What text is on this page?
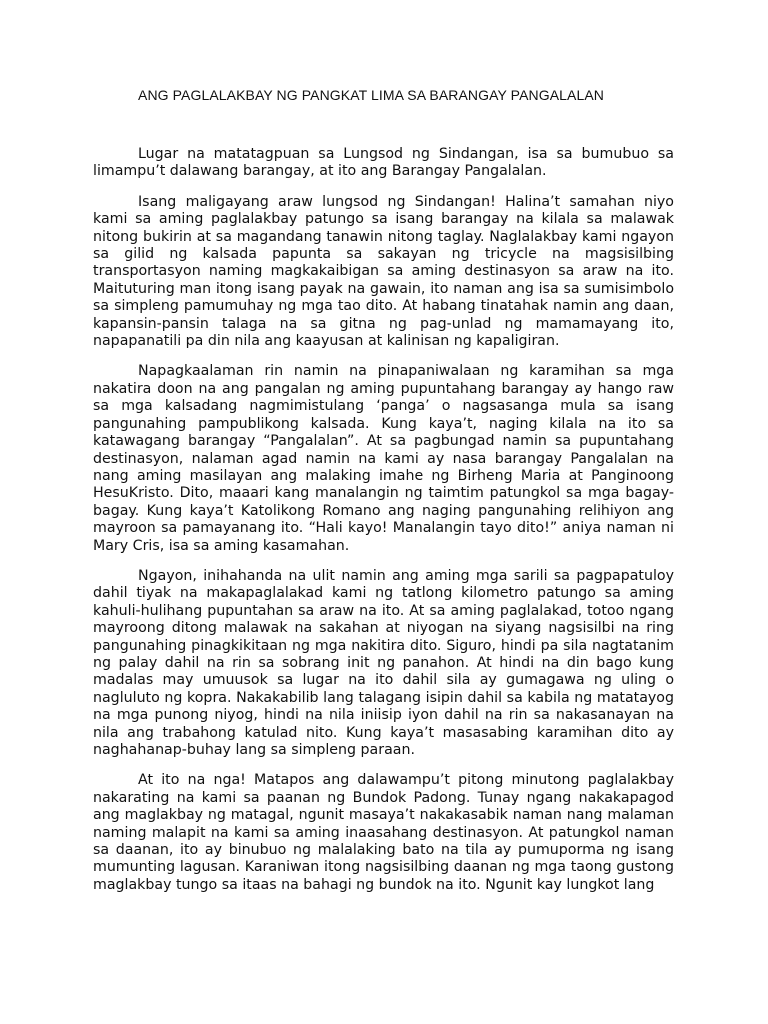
ANG PAGLALAKBAY NG PANGKAT LIMA SA BARANGAY PANGALALAN

Lugar na matatagpuan sa Lungsod ng Sindangan, isa sa bumubuo sa limampu’t dalawang barangay, at ito ang Barangay Pangalalan.

Isang maligayang araw lungsod ng Sindangan! Halina’t samahan niyo kami sa aming paglalakbay patungo sa isang barangay na kilala sa malawak nitong bukirin at sa magandang tanawin nitong taglay. Naglalakbay kami ngayon sa gilid ng kalsada papunta sa sakayan ng tricycle na magsisilbing transportasyon naming magkakaibigan sa aming destinasyon sa araw na ito. Maituturing man itong isang payak na gawain, ito naman ang isa sa sumisimbolo sa simpleng pamumuhay ng mga tao dito. At habang tinatahak namin ang daan, kapansin-pansin talaga na sa gitna ng pag-unlad ng mamamayang ito, napapanatili pa din nila ang kaayusan at kalinisan ng kapaligiran.

Napagkaalaman rin namin na pinapaniwalaan ng karamihan sa mga nakatira doon na ang pangalan ng aming pupuntahang barangay ay hango raw sa mga kalsadang nagmimistulang ‘panga’ o nagsasanga mula sa isang pangunahing pampublikong kalsada. Kung kaya’t, naging kilala na ito sa katawagang barangay “Pangalalan”. At sa pagbungad namin sa pupuntahang destinasyon, nalaman agad namin na kami ay nasa barangay Pangalalan na nang aming masilayan ang malaking imahe ng Birheng Maria at Panginoong HesuKristo. Dito, maaari kang manalangin ng taimtim patungkol sa mga bagay-bagay. Kung kaya’t Katolikong Romano ang naging pangunahing relihiyon ang mayroon sa pamayanang ito. “Hali kayo! Manalangin tayo dito!” aniya naman ni Mary Cris, isa sa aming kasamahan.

Ngayon, inihahanda na ulit namin ang aming mga sarili sa pagpapatuloy dahil tiyak na makapaglalakad kami ng tatlong kilometro patungo sa aming kahuli-hulihang pupuntahan sa araw na ito. At sa aming paglalakad, totoo ngang mayroong ditong malawak na sakahan at niyogan na siyang nagsisilbi na ring pangunahing pinagkikitaan ng mga nakitira dito. Siguro, hindi pa sila nagtatanim ng palay dahil na rin sa sobrang init ng panahon. At hindi na din bago kung madalas may umuusok sa lugar na ito dahil sila ay gumagawa ng uling o nagluluto ng kopra. Nakakabilib lang talagang isipin dahil sa kabila ng matatayog na mga punong niyog, hindi na nila iniisip iyon dahil na rin sa nakasanayan na nila ang trabahong katulad nito. Kung kaya’t masasabing karamihan dito ay naghahanap-buhay lang sa simpleng paraan.

At ito na nga! Matapos ang dalawampu’t pitong minutong paglalakbay nakarating na kami sa paanan ng Bundok Padong. Tunay ngang nakakapagod ang maglakbay ng matagal, ngunit masaya’t nakakasabik naman nang malaman naming malapit na kami sa aming inaasahang destinasyon. At patungkol naman sa daanan, ito ay binubuo ng malalaking bato na tila ay pumuporma ng isang mumunting lagusan. Karaniwan itong nagsisilbing daanan ng mga taong gustong maglakbay tungo sa itaas na bahagi ng bundok na ito. Ngunit kay lungkot lang
